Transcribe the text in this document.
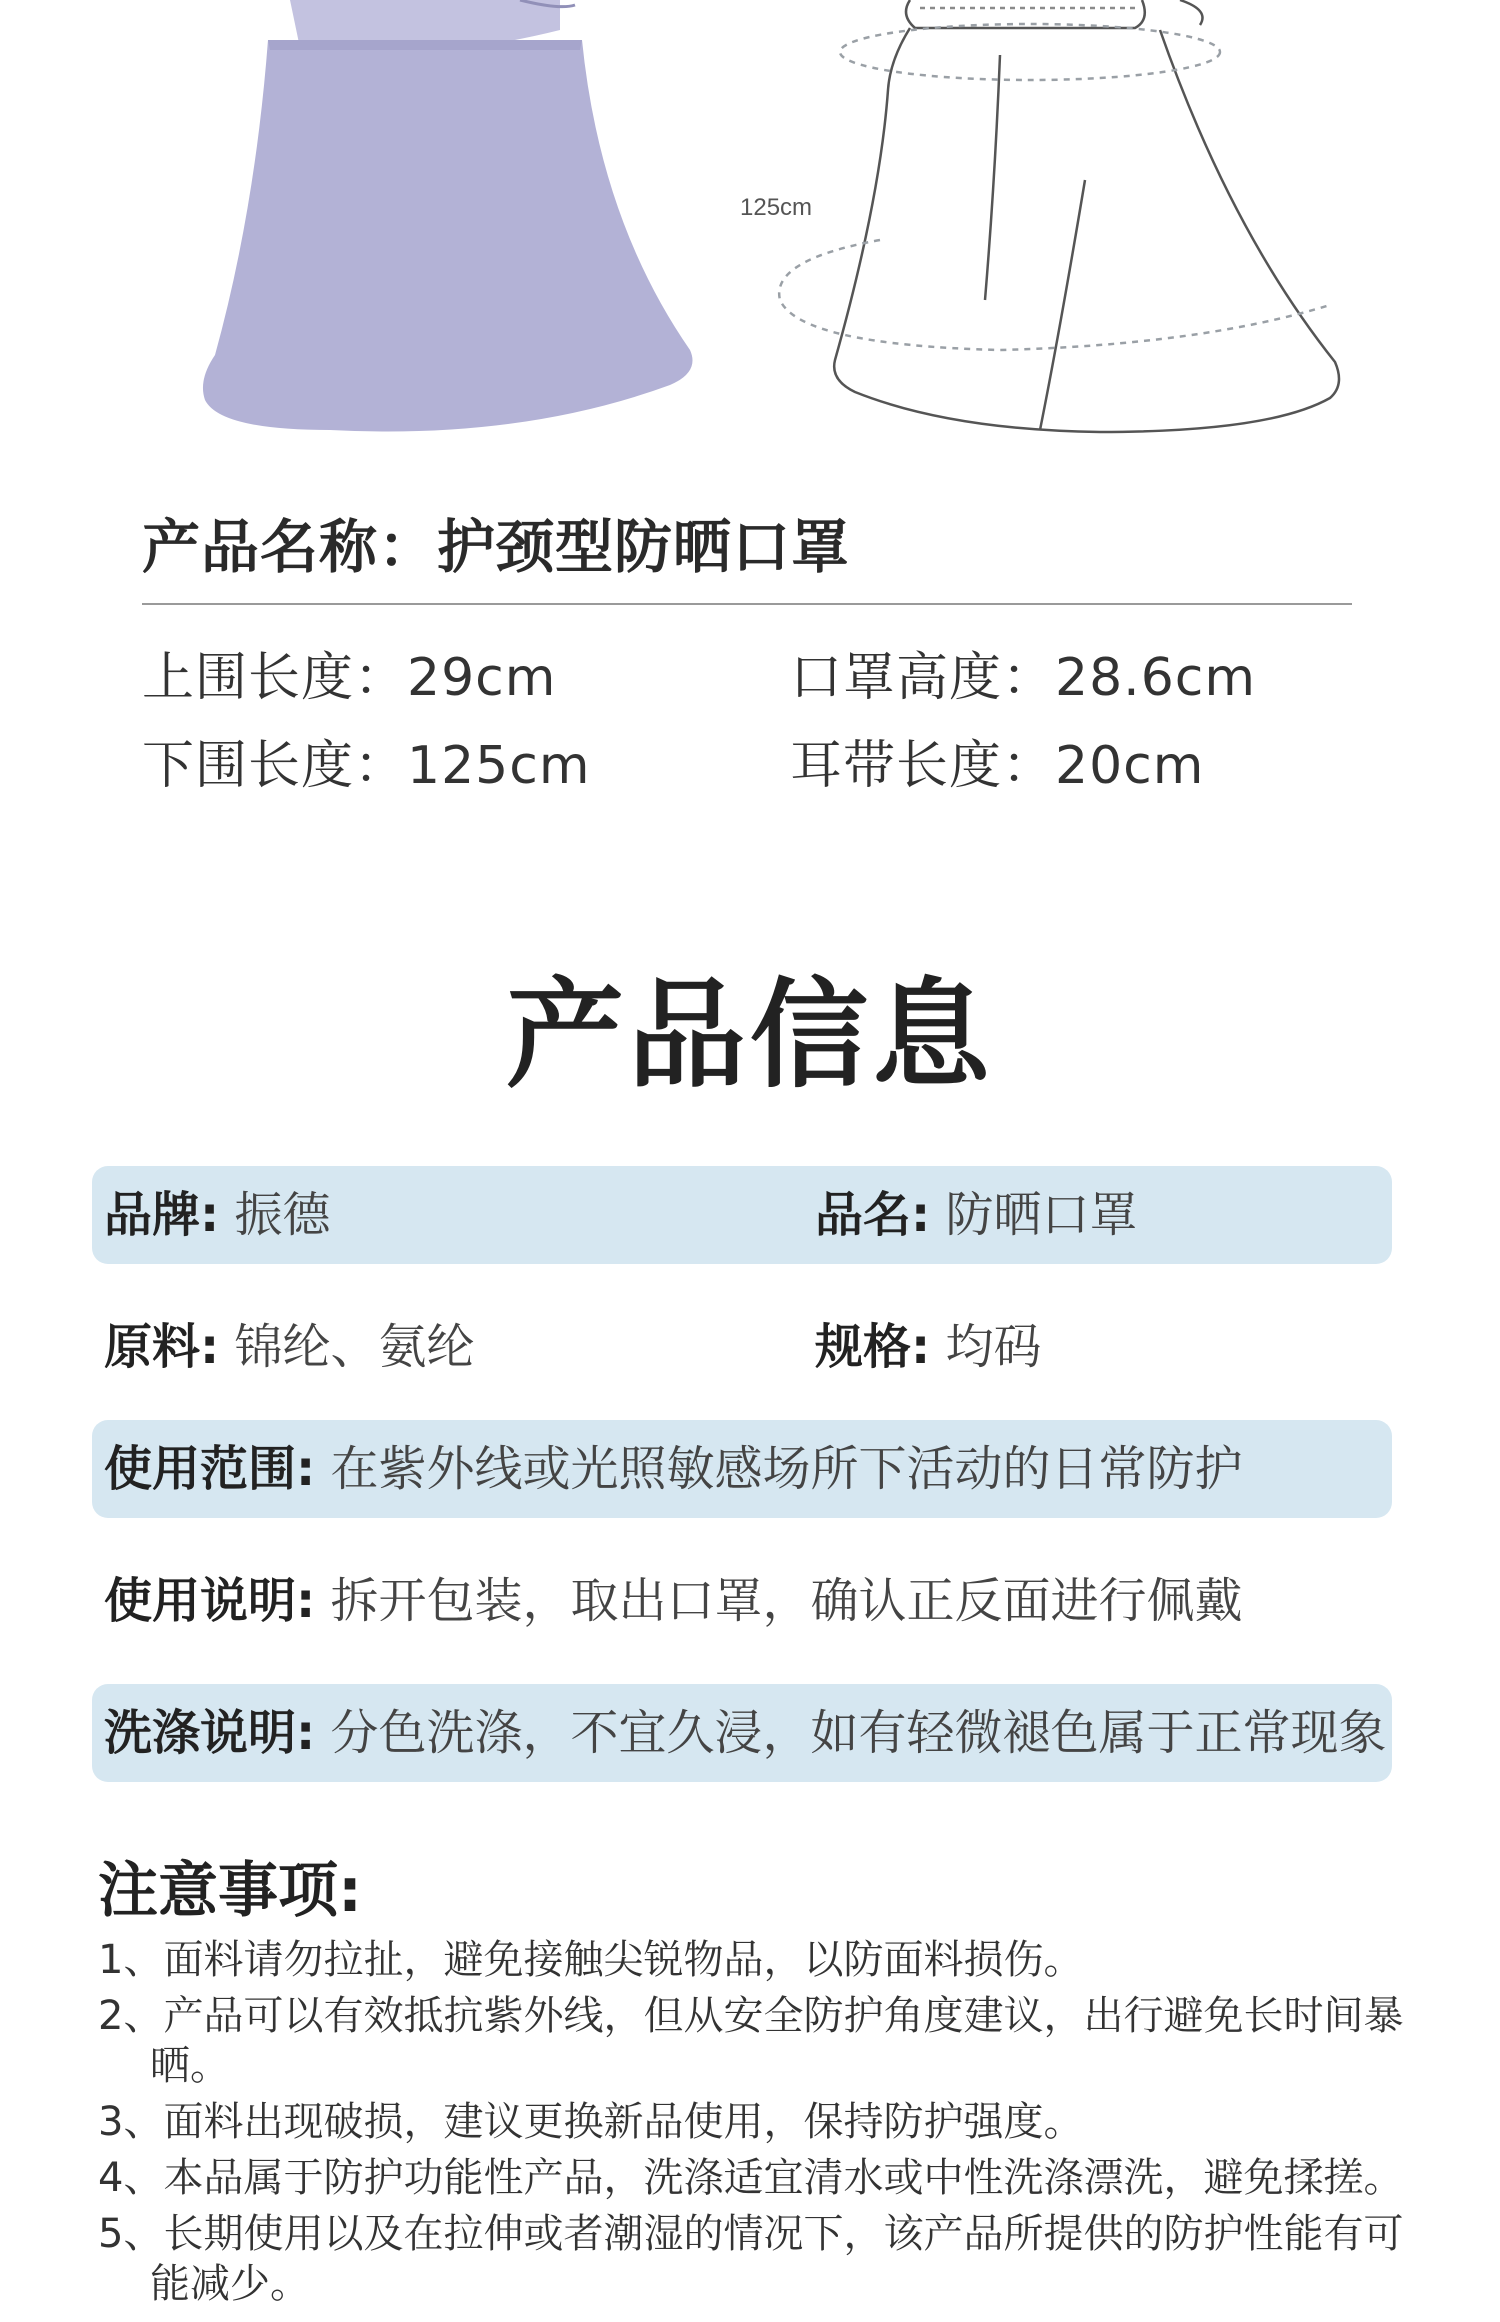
125cm
产品名称：护颈型防晒口罩
上围长度：29cm	口罩高度：28.6cm
下围长度：125cm	耳带长度：20cm
产品信息
品牌: 振德	品名: 防晒口罩
原料: 锦纶、氨纶	规格: 均码
使用范围: 在紫外线或光照敏感场所下活动的日常防护
使用说明: 拆开包装，取出口罩，确认正反面进行佩戴
洗涤说明: 分色洗涤，不宜久浸，如有轻微褪色属于正常现象
注意事项:
1、面料请勿拉扯，避免接触尖锐物品，以防面料损伤。
2、产品可以有效抵抗紫外线，但从安全防护角度建议，出行避免长时间暴晒。
3、面料出现破损，建议更换新品使用，保持防护强度。
4、本品属于防护功能性产品，洗涤适宜清水或中性洗涤漂洗，避免揉搓。
5、长期使用以及在拉伸或者潮湿的情况下，该产品所提供的防护性能有可能减少。
